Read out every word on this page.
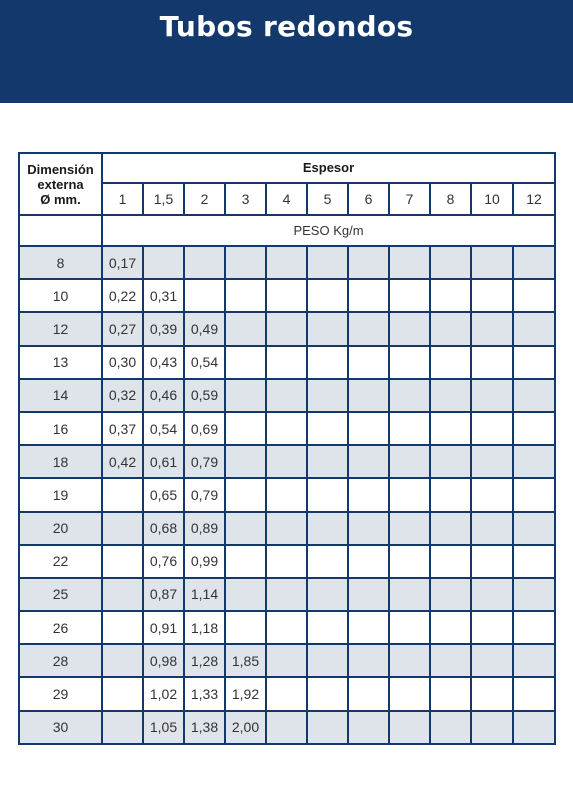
Tubos redondos
Dimensión
externa
Ø mm.	Espesor										
	1	1,5	2	3	4	5	6	7	8	10	12
	PESO Kg/m										
8	0,17										
10	0,22	0,31									
12	0,27	0,39	0,49								
13	0,30	0,43	0,54								
14	0,32	0,46	0,59								
16	0,37	0,54	0,69								
18	0,42	0,61	0,79								
19		0,65	0,79								
20		0,68	0,89								
22		0,76	0,99								
25		0,87	1,14								
26		0,91	1,18								
28		0,98	1,28	1,85							
29		1,02	1,33	1,92							
30		1,05	1,38	2,00							
